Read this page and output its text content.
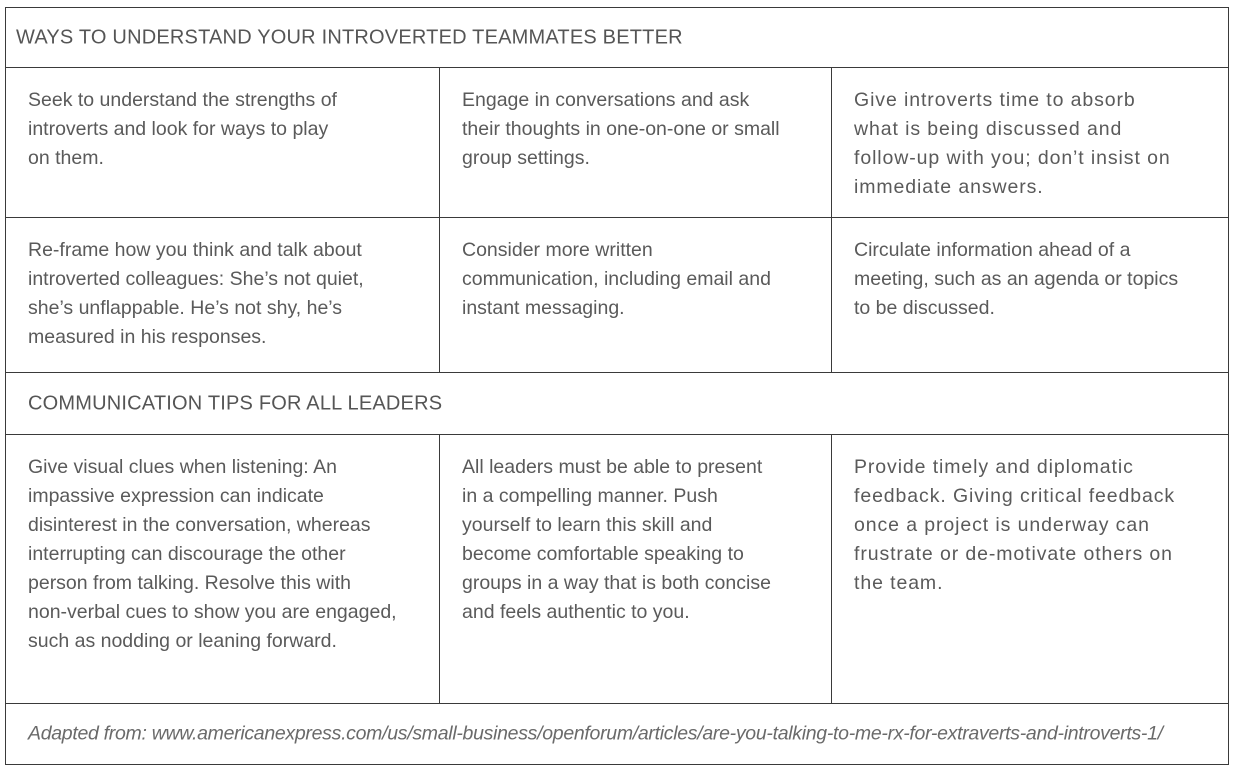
WAYS TO UNDERSTAND YOUR INTROVERTED TEAMMATES BETTER
Seek to understand the strengths of
introverts and look for ways to play
on them.
Engage in conversations and ask
their thoughts in one-on-one or small
group settings.
Give introverts time to absorb
what is being discussed and
follow-up with you; don’t insist on
immediate answers.
Re-frame how you think and talk about
introverted colleagues: She’s not quiet,
she’s unflappable. He’s not shy, he’s
measured in his responses.
Consider more written
communication, including email and
instant messaging.
Circulate information ahead of a
meeting, such as an agenda or topics
to be discussed.
COMMUNICATION TIPS FOR ALL LEADERS
Give visual clues when listening: An
impassive expression can indicate
disinterest in the conversation, whereas
interrupting can discourage the other
person from talking. Resolve this with
non-verbal cues to show you are engaged,
such as nodding or leaning forward.
All leaders must be able to present
in a compelling manner. Push
yourself to learn this skill and
become comfortable speaking to
groups in a way that is both concise
and feels authentic to you.
Provide timely and diplomatic
feedback. Giving critical feedback
once a project is underway can
frustrate or de-motivate others on
the team.
Adapted from: www.americanexpress.com/us/small-business/openforum/articles/are-you-talking-to-me-rx-for-extraverts-and-introverts-1/
